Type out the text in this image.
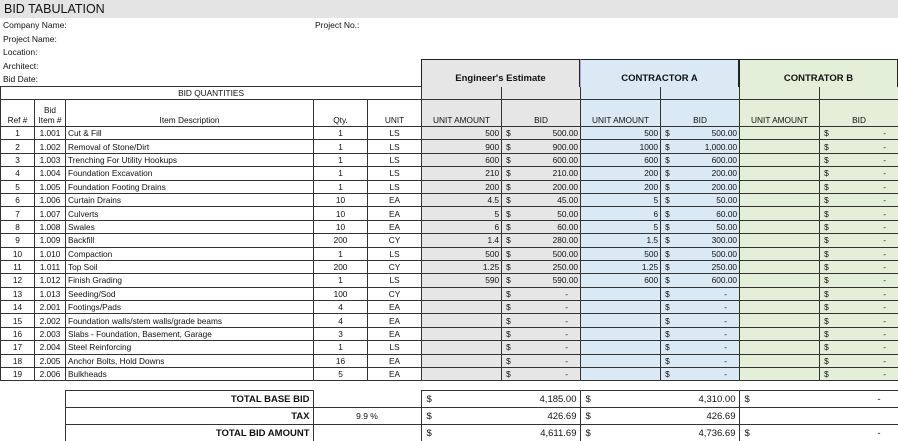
BID TABULATION
Company Name:
Project Name:
Location:
Architect:
Bid Date:
Project No.:
Engineer's Estimate	CONTRACTOR A	CONTRATOR B
BID QUANTITIES										
Ref #	Bid Item #	Item Description	Qty.	UNIT	UNIT AMOUNT	BID	UNIT AMOUNT	BID	UNIT AMOUNT	BID
1	1.001	Cut & Fill	1	LS	500	$ 500.00	500	$ 500.00		$ -

2	1.002	Removal of Stone/Dirt	1	LS	900	$ 900.00	1000	$ 1,000.00		$ -

3	1.003	Trenching For Utility Hookups	1	LS	600	$ 600.00	600	$ 600.00		$ -

4	1.004	Foundation Excavation	1	LS	210	$ 210.00	200	$ 200.00		$ -

5	1.005	Foundation Footing Drains	1	LS	200	$ 200.00	200	$ 200.00		$ -

6	1.006	Curtain Drains	10	EA	4.5	$ 45.00	5	$ 50.00		$ -

7	1.007	Culverts	10	EA	5	$ 50.00	6	$ 60.00		$ -

8	1.008	Swales	10	EA	6	$ 60.00	5	$ 50.00		$ -

9	1.009	Backfill	200	CY	1.4	$ 280.00	1.5	$ 300.00		$ -

10	1.010	Compaction	1	LS	500	$ 500.00	500	$ 500.00		$ -

11	1.011	Top Soil	200	CY	1.25	$ 250.00	1.25	$ 250.00		$ -

12	1.012	Finish Grading	1	LS	590	$ 590.00	600	$ 600.00		$ -

13	1.013	Seeding/Sod	100	CY		$ -		$ -		$ -

14	2.001	Footings/Pads	4	EA		$ -		$ -		$ -

15	2.002	Foundation walls/stem walls/grade beams	4	EA		$ -		$ -		$ -

16	2.003	Slabs - Foundation, Basement, Garage	3	EA		$ -		$ -		$ -

17	2.004	Steel Reinforcing	1	LS		$ -		$ -		$ -

18	2.005	Anchor Bolts, Hold Downs	16	EA		$ -		$ -		$ -

19	2.006	Bulkheads	5	EA		$ -		$ -		$ -
	TOTAL BASE BID		$ 4,185.00	$ 4,310.00	$ -

	TAX	9.9 %	$ 426.69	$ 426.69	

	TOTAL BID AMOUNT		$ 4,611.69	$ 4,736.69	$ -
